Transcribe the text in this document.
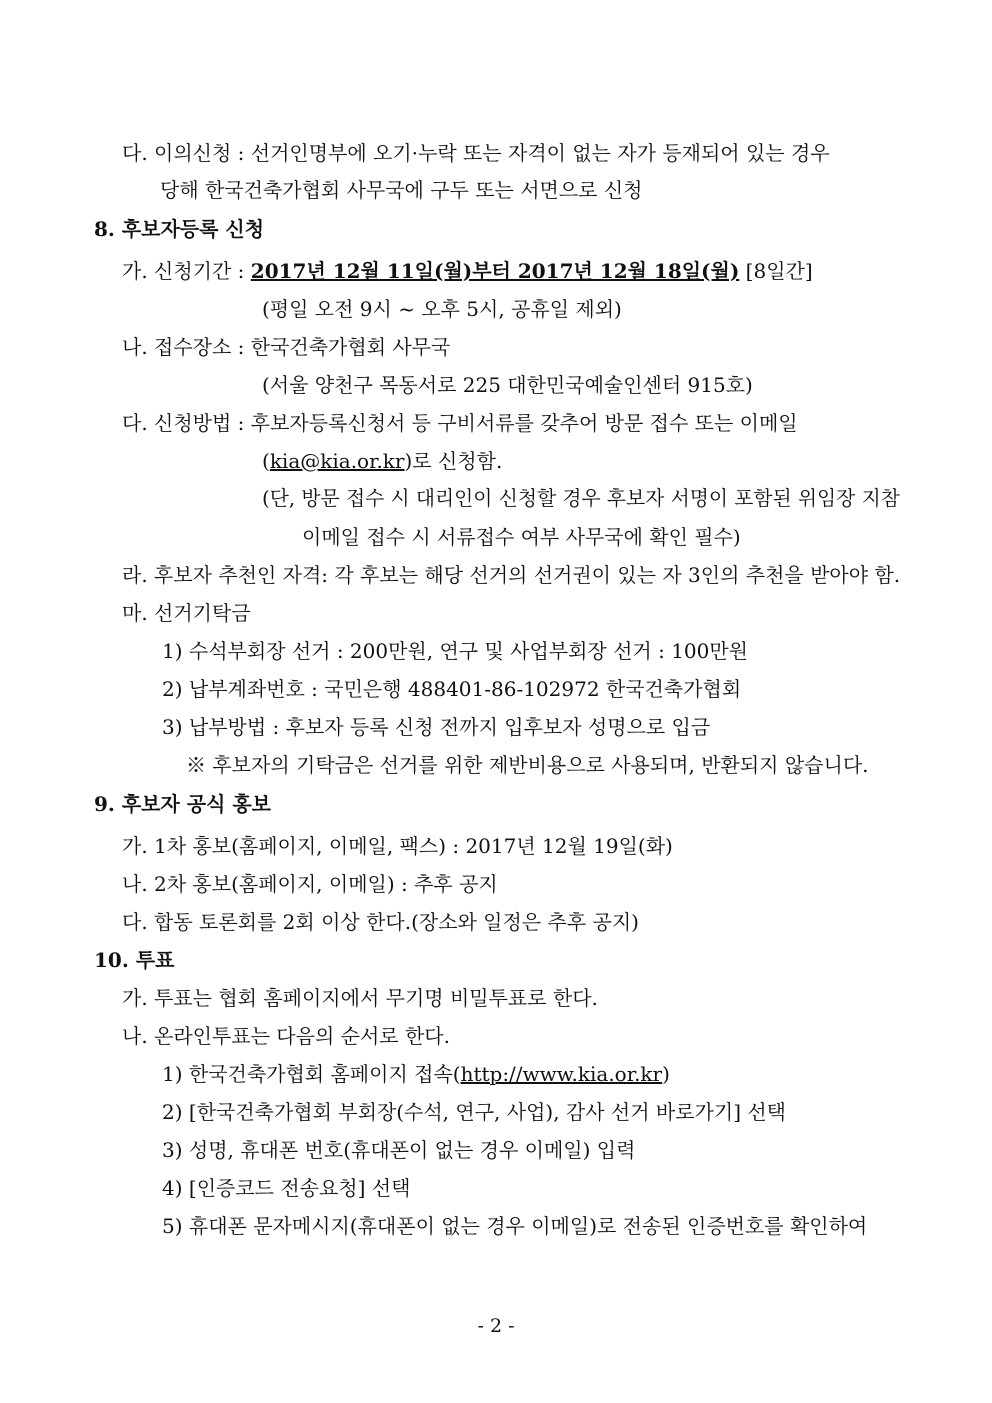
다. 이의신청 : 선거인명부에 오기·누락 또는 자격이 없는 자가 등재되어 있는 경우
당해 한국건축가협회 사무국에 구두 또는 서면으로 신청
8. 후보자등록 신청
가. 신청기간 : 2017년 12월 11일(월)부터 2017년 12월 18일(월) [8일간]
(평일 오전 9시 ~ 오후 5시, 공휴일 제외)
나. 접수장소 : 한국건축가협회 사무국
(서울 양천구 목동서로 225 대한민국예술인센터 915호)
다. 신청방법 : 후보자등록신청서 등 구비서류를 갖추어 방문 접수 또는 이메일
(kia@kia.or.kr)로 신청함.
(단, 방문 접수 시 대리인이 신청할 경우 후보자 서명이 포함된 위임장 지참
이메일 접수 시 서류접수 여부 사무국에 확인 필수)
라. 후보자 추천인 자격: 각 후보는 해당 선거의 선거권이 있는 자 3인의 추천을 받아야 함.
마. 선거기탁금
1) 수석부회장 선거 : 200만원, 연구 및 사업부회장 선거 : 100만원
2) 납부계좌번호 : 국민은행 488401-86-102972 한국건축가협회
3) 납부방법 : 후보자 등록 신청 전까지 입후보자 성명으로 입금
※ 후보자의 기탁금은 선거를 위한 제반비용으로 사용되며, 반환되지 않습니다.
9. 후보자 공식 홍보
가. 1차 홍보(홈페이지, 이메일, 팩스) : 2017년 12월 19일(화)
나. 2차 홍보(홈페이지, 이메일) : 추후 공지
다. 합동 토론회를 2회 이상 한다.(장소와 일정은 추후 공지)
10. 투표
가. 투표는 협회 홈페이지에서 무기명 비밀투표로 한다.
나. 온라인투표는 다음의 순서로 한다.
1) 한국건축가협회 홈페이지 접속(http://www.kia.or.kr)
2) [한국건축가협회 부회장(수석, 연구, 사업), 감사 선거 바로가기] 선택
3) 성명, 휴대폰 번호(휴대폰이 없는 경우 이메일) 입력
4) [인증코드 전송요청] 선택
5) 휴대폰 문자메시지(휴대폰이 없는 경우 이메일)로 전송된 인증번호를 확인하여
- 2 -
